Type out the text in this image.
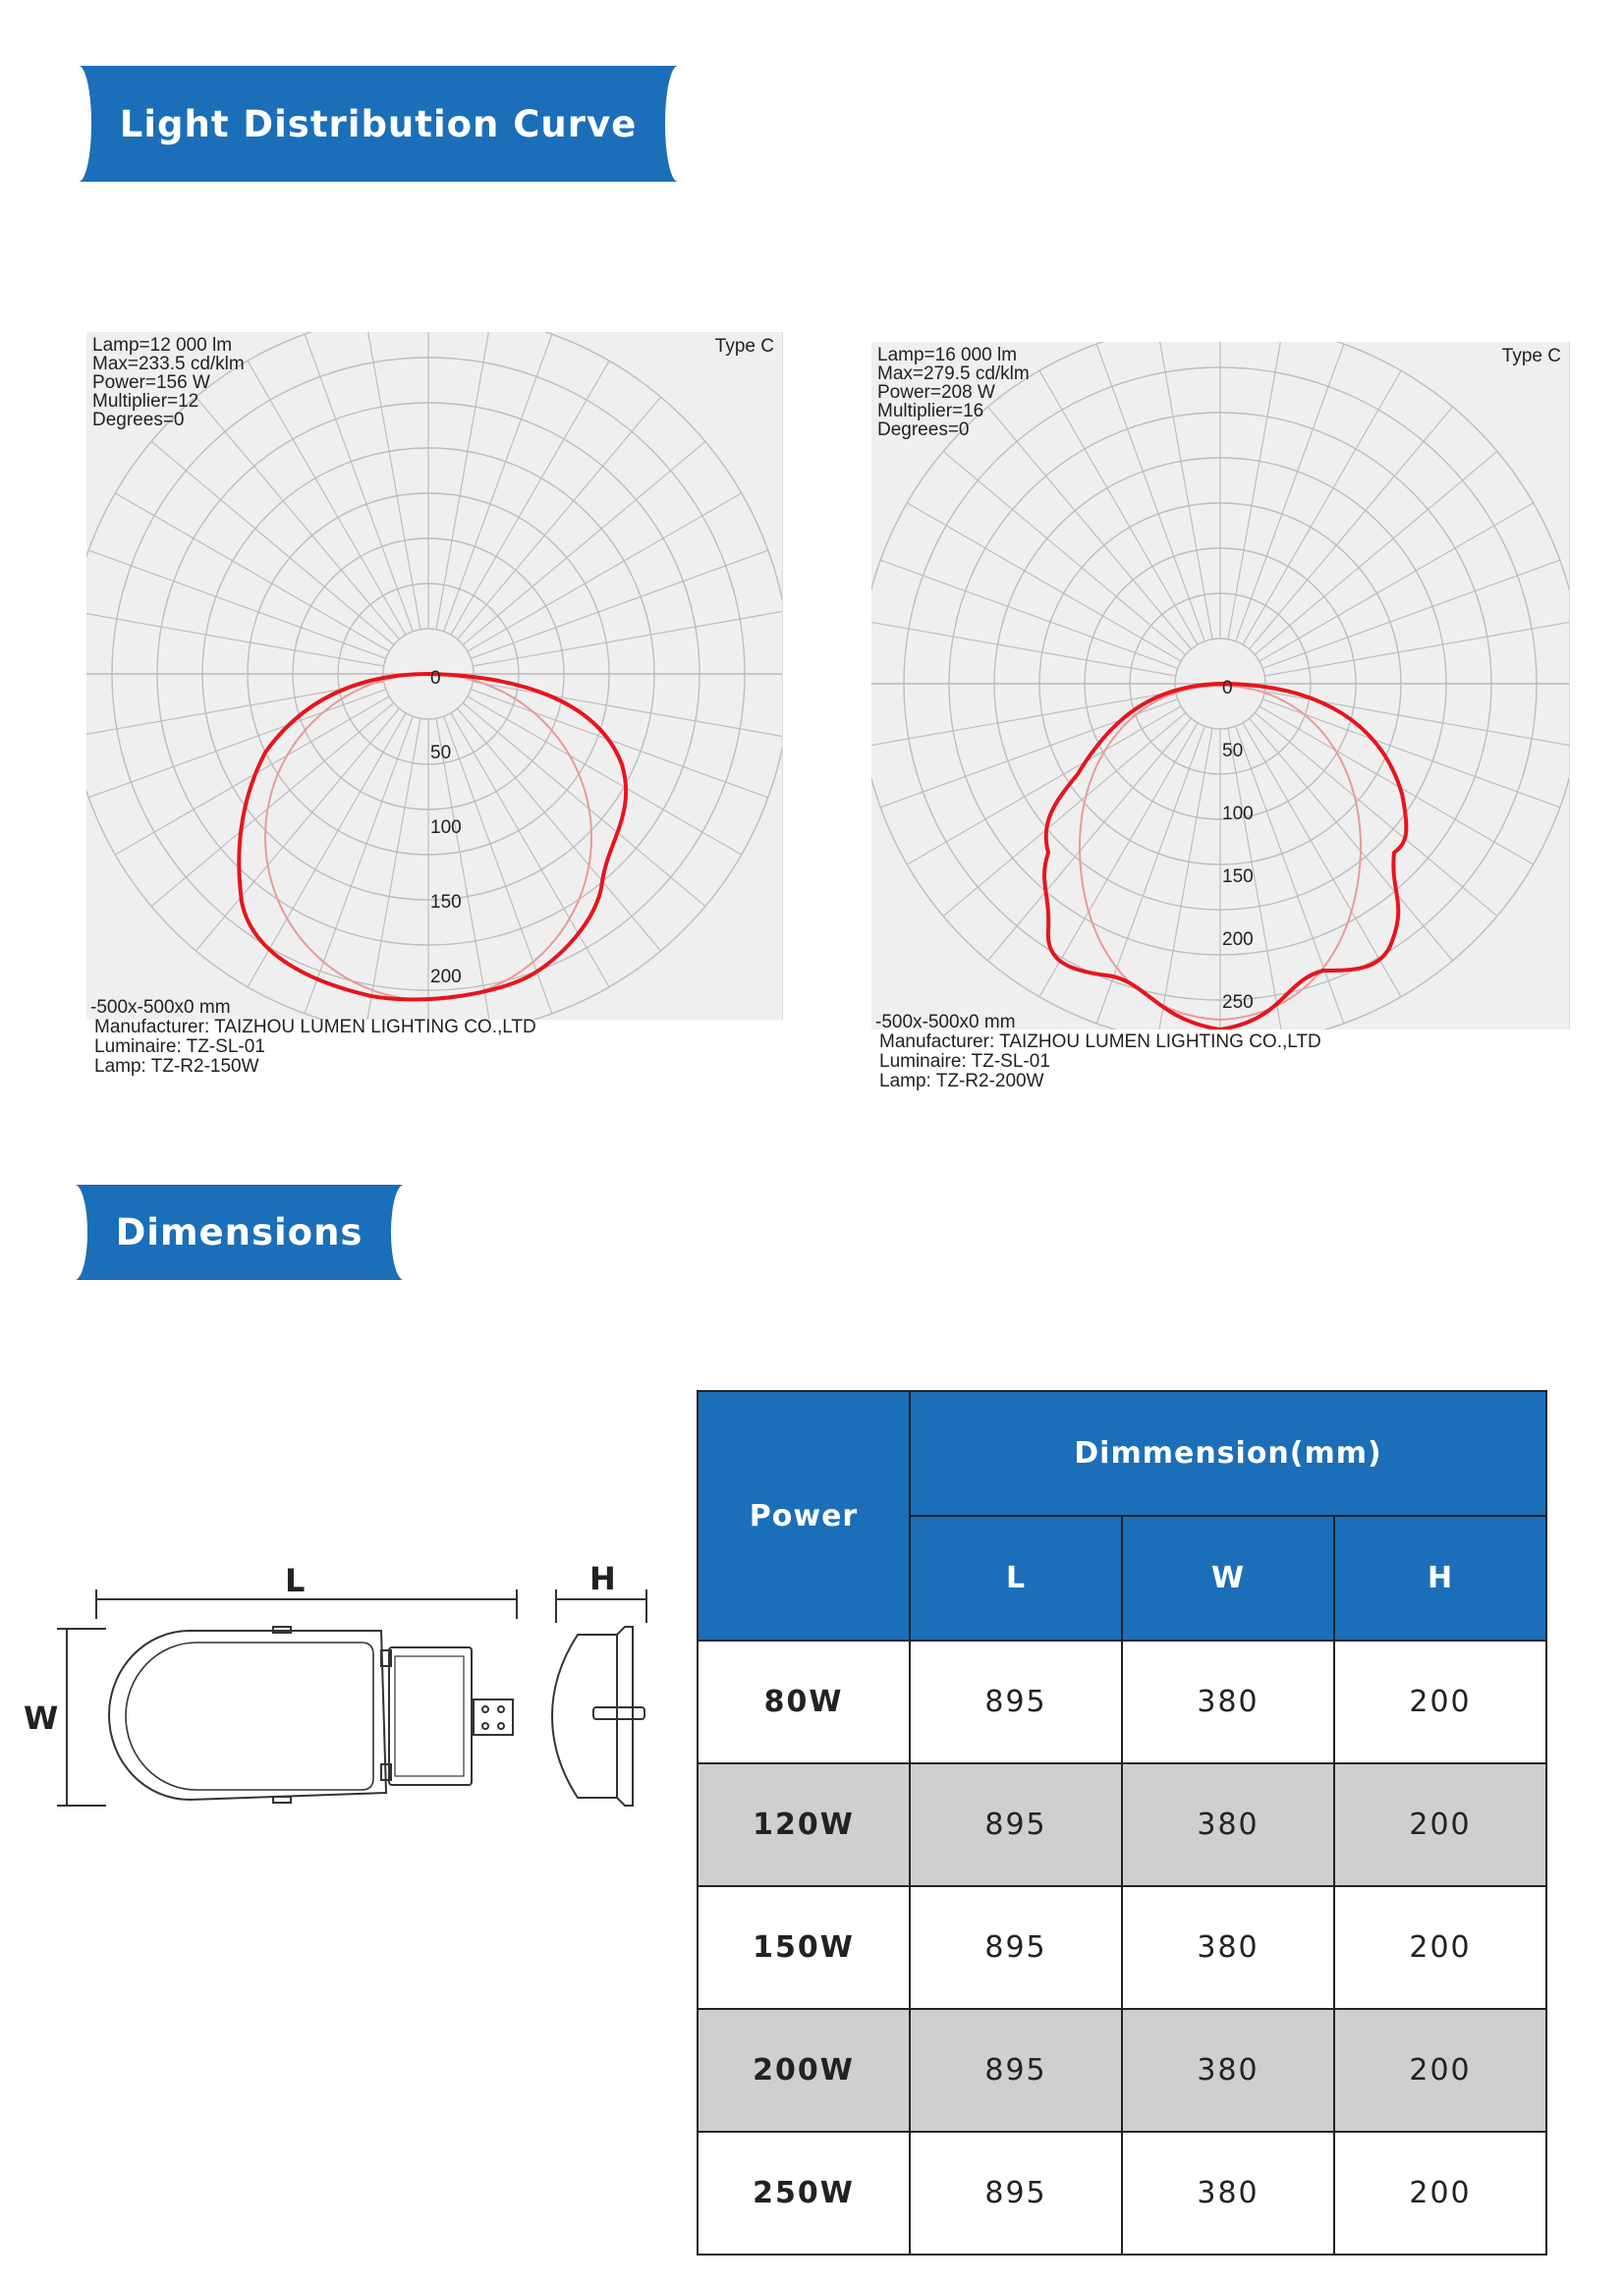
Light Distribution Curve
0
50
100
150
200
Lamp=12 000 lm
Max=233.5 cd/klm
Power=156 W
Multiplier=12
Degrees=0
Type C
-500x-500x0 mm
Manufacturer: TAIZHOU LUMEN LIGHTING CO.,LTD
Luminaire: TZ-SL-01
Lamp: TZ-R2-150W
0
50
100
150
200
250
Lamp=16 000 lm
Max=279.5 cd/klm
Power=208 W
Multiplier=16
Degrees=0
Type C
-500x-500x0 mm
Manufacturer: TAIZHOU LUMEN LIGHTING CO.,LTD
Luminaire: TZ-SL-01
Lamp: TZ-R2-200W
Dimensions
L
W
H
Power	Dimmension(mm)		
	L	W	H
80W	895	380	200
120W	895	380	200
150W	895	380	200
200W	895	380	200
250W	895	380	200
